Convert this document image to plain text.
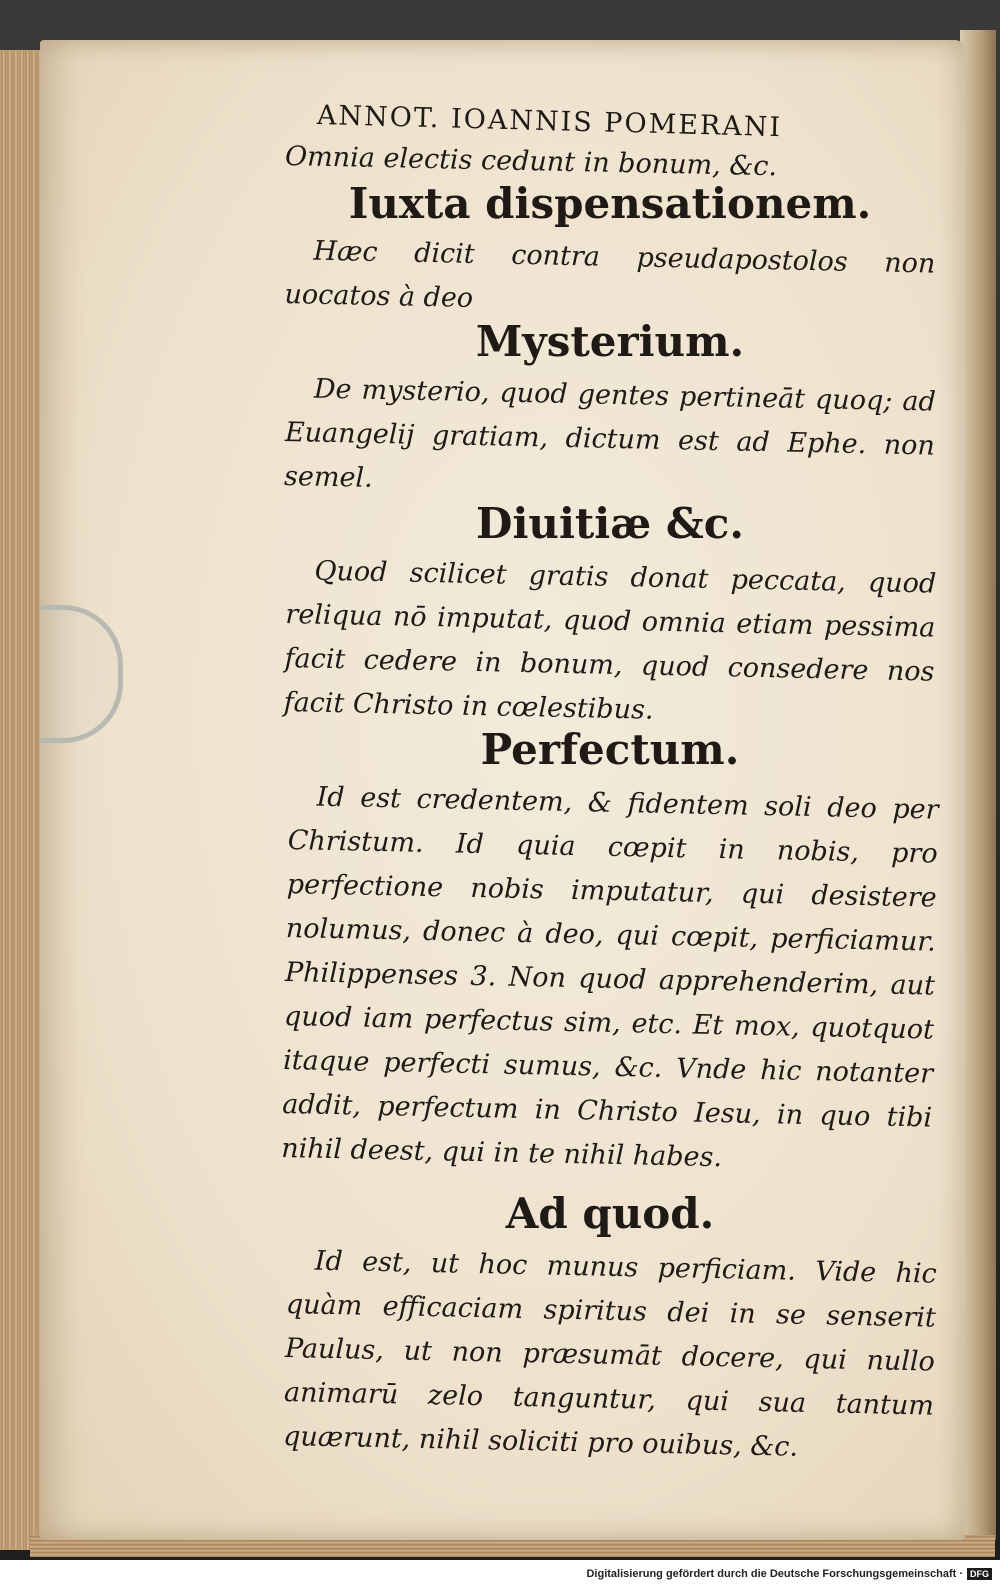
ANNOT. IOANNIS POMERANI

Omnia electis cedunt in bonum, &c.

Iuxta dispensationem.

Hæc dicit contra pseudapostolos non uocatos à deo

Mysterium.

De mysterio, quod gentes pertineāt quoq; ad Euangelij gratiam, dictum est ad Ephe. non semel.

Diuitiæ &c.

Quod scilicet gratis donat peccata, quod reliqua nō imputat, quod omnia etiam pessima facit cedere in bonum, quod consedere nos facit Christo in cœlestibus.

Perfectum.

Id est credentem, & fidentem soli deo per Christum. Id quia cœpit in nobis, pro perfectione nobis imputatur, qui desistere nolumus, donec à deo, qui cœpit, perficiamur. Philippenses 3. Non quod apprehenderim, aut quod iam perfectus sim, etc. Et mox, quotquot itaque perfecti sumus, &c. Vnde hic notanter addit, perfectum in Christo Iesu, in quo tibi nihil deest, qui in te nihil habes.

Ad quod.

Id est, ut hoc munus perficiam. Vide hic quàm efficaciam spiritus dei in se senserit Paulus, ut non præsumāt docere, qui nullo animarū zelo tanguntur, qui sua tantum quærunt, nihil soliciti pro ouibus, &c.

Digitalisierung gefördert durch die Deutsche Forschungsgemeinschaft · DFG
